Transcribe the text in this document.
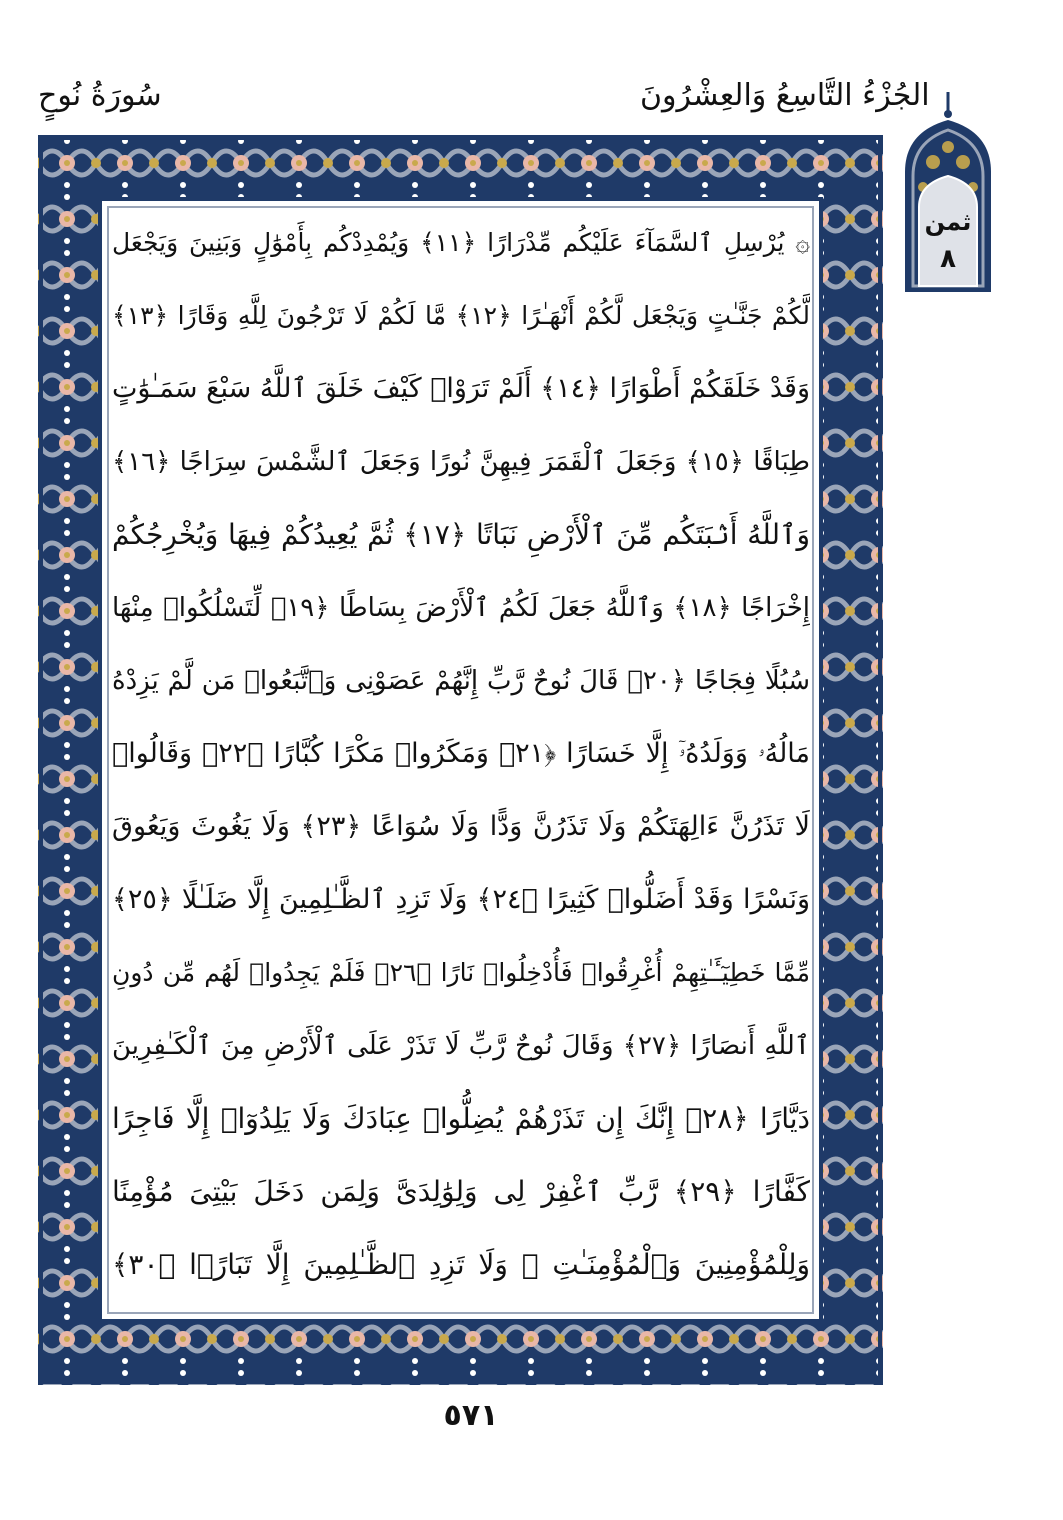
الجُزْءُ التَّاسِعُ وَالعِشْرُونَ
سُورَةُ نُوحٍ
ثمن
٨
۞ يُرْسِلِ ٱلسَّمَآءَ عَلَيْكُم مِّدْرَارًا ﴿١١﴾ وَيُمْدِدْكُم بِأَمْوَٰلٍ وَبَنِينَ وَيَجْعَل
لَّكُمْ جَنَّـٰتٍ وَيَجْعَل لَّكُمْ أَنْهَـٰرًا ﴿١٢﴾ مَّا لَكُمْ لَا تَرْجُونَ لِلَّهِ وَقَارًا ﴿١٣﴾
وَقَدْ خَلَقَكُمْ أَطْوَارًا ﴿١٤﴾ أَلَمْ تَرَوْا۟ كَيْفَ خَلَقَ ٱللَّهُ سَبْعَ سَمَـٰوَٰتٍ
طِبَاقًا ﴿١٥﴾ وَجَعَلَ ٱلْقَمَرَ فِيهِنَّ نُورًا وَجَعَلَ ٱلشَّمْسَ سِرَاجًا ﴿١٦﴾
وَٱللَّهُ أَنۢبَتَكُم مِّنَ ٱلْأَرْضِ نَبَاتًا ﴿١٧﴾ ثُمَّ يُعِيدُكُمْ فِيهَا وَيُخْرِجُكُمْ
إِخْرَاجًا ﴿١٨﴾ وَٱللَّهُ جَعَلَ لَكُمُ ٱلْأَرْضَ بِسَاطًا ﴿١٩﴾ لِّتَسْلُكُوا۟ مِنْهَا
سُبُلًا فِجَاجًا ﴿٢٠﴾ قَالَ نُوحٌ رَّبِّ إِنَّهُمْ عَصَوْنِى وَٱتَّبَعُوا۟ مَن لَّمْ يَزِدْهُ
مَالُهُۥ وَوَلَدُهُۥٓ إِلَّا خَسَارًا ﴿٢١﴾ وَمَكَرُوا۟ مَكْرًا كُبَّارًا ﴿٢٢﴾ وَقَالُوا۟
لَا تَذَرُنَّ ءَالِهَتَكُمْ وَلَا تَذَرُنَّ وَدًّا وَلَا سُوَاعًا ﴿٢٣﴾ وَلَا يَغُوثَ وَيَعُوقَ
وَنَسْرًا وَقَدْ أَضَلُّوا۟ كَثِيرًا ﴿٢٤﴾ وَلَا تَزِدِ ٱلظَّـٰلِمِينَ إِلَّا ضَلَـٰلًا ﴿٢٥﴾
مِّمَّا خَطِيٓـَٔـٰتِهِمْ أُغْرِقُوا۟ فَأُدْخِلُوا۟ نَارًا ﴿٢٦﴾ فَلَمْ يَجِدُوا۟ لَهُم مِّن دُونِ
ٱللَّهِ أَنصَارًا ﴿٢٧﴾ وَقَالَ نُوحٌ رَّبِّ لَا تَذَرْ عَلَى ٱلْأَرْضِ مِنَ ٱلْكَـٰفِرِينَ
دَيَّارًا ﴿٢٨﴾ إِنَّكَ إِن تَذَرْهُمْ يُضِلُّوا۟ عِبَادَكَ وَلَا يَلِدُوٓا۟ إِلَّا فَاجِرًا
كَفَّارًا ﴿٢٩﴾ رَّبِّ ٱغْفِرْ لِى وَلِوَٰلِدَىَّ وَلِمَن دَخَلَ بَيْتِىَ مُؤْمِنًا
وَلِلْمُؤْمِنِينَ وَٱلْمُؤْمِنَـٰتِ ۖ وَلَا تَزِدِ ٱلظَّـٰلِمِينَ إِلَّا تَبَارًۢا ﴿٣٠﴾
٥٧١
